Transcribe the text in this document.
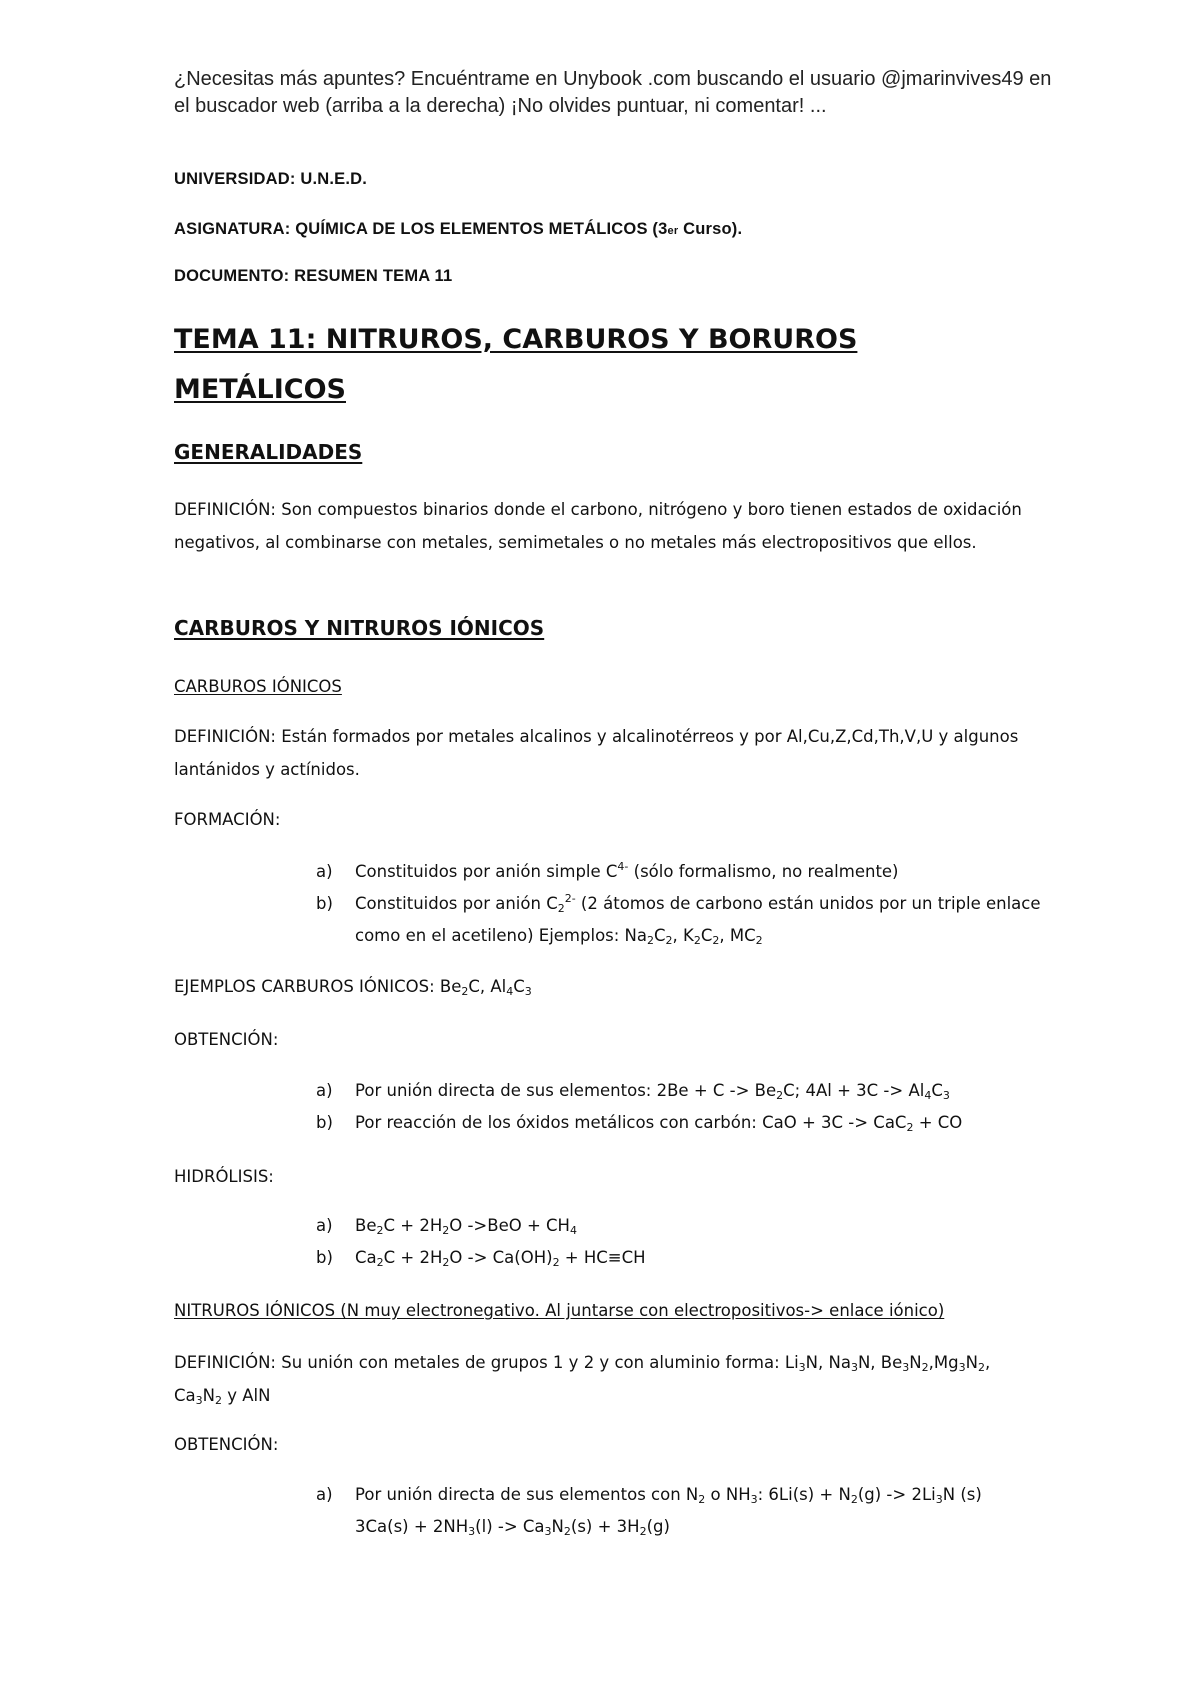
¿Necesitas más apuntes? Encuéntrame en Unybook .com buscando el usuario @jmarinvives49 en el buscador web (arriba a la derecha) ¡No olvides puntuar, ni comentar! ...
UNIVERSIDAD: U.N.E.D.
ASIGNATURA: QUÍMICA DE LOS ELEMENTOS METÁLICOS (3er Curso).
DOCUMENTO: RESUMEN TEMA 11
TEMA 11: NITRUROS, CARBUROS Y BORUROS METÁLICOS
GENERALIDADES
DEFINICIÓN: Son compuestos binarios donde el carbono, nitrógeno y boro tienen estados de oxidación negativos, al combinarse con metales, semimetales o no metales más electropositivos que ellos.
CARBUROS Y NITRUROS IÓNICOS
CARBUROS IÓNICOS
DEFINICIÓN: Están formados por metales alcalinos y alcalinotérreos y por Al,Cu,Z,Cd,Th,V,U y algunos lantánidos y actínidos.
FORMACIÓN:
a) Constituidos por anión simple $C^{4-}$ (sólo formalismo, no realmente)
b) Constituidos por anión $C_2^{2-}$ (2 átomos de carbono están unidos por un triple enlace como en el acetileno) Ejemplos: $Na_2C_2$, $K_2C_2$, $MC_2$
EJEMPLOS CARBUROS IÓNICOS: $Be_2C$, $Al_4C_3$
OBTENCIÓN:
a) Por unión directa de sus elementos: $2Be + C -> Be_2C$; $4Al + 3C -> Al_4C_3$
b) Por reacción de los óxidos metálicos con carbón: CaO + 3C -> CaC$_2$ + CO
HIDRÓLISIS:
a) $Be_2C + 2H_2O$ $->BeO + CH_4$
b) $Ca_2C + 2H_2O -> Ca(OH)_2 + HC\equiv CH$
NITRUROS IÓNICOS (N muy electronegativo. Al juntarse con electropositivos-> enlace iónico)
DEFINICIÓN: Su unión con metales de grupos 1 y 2 y con aluminio forma: $Li_3N$, $Na_3N$, $Be_3N_2,Mg_3N_2$, $Ca_3N_2$ y AlN
OBTENCIÓN:
a) Por unión directa de sus elementos con $N_2$ o $NH_3$: $6Li(s) + N_2(g) -> 2Li_3N$ (s)
$3Ca(s) + 2NH_3(l) -> Ca_3N_2(s) + 3H_2(g)$
